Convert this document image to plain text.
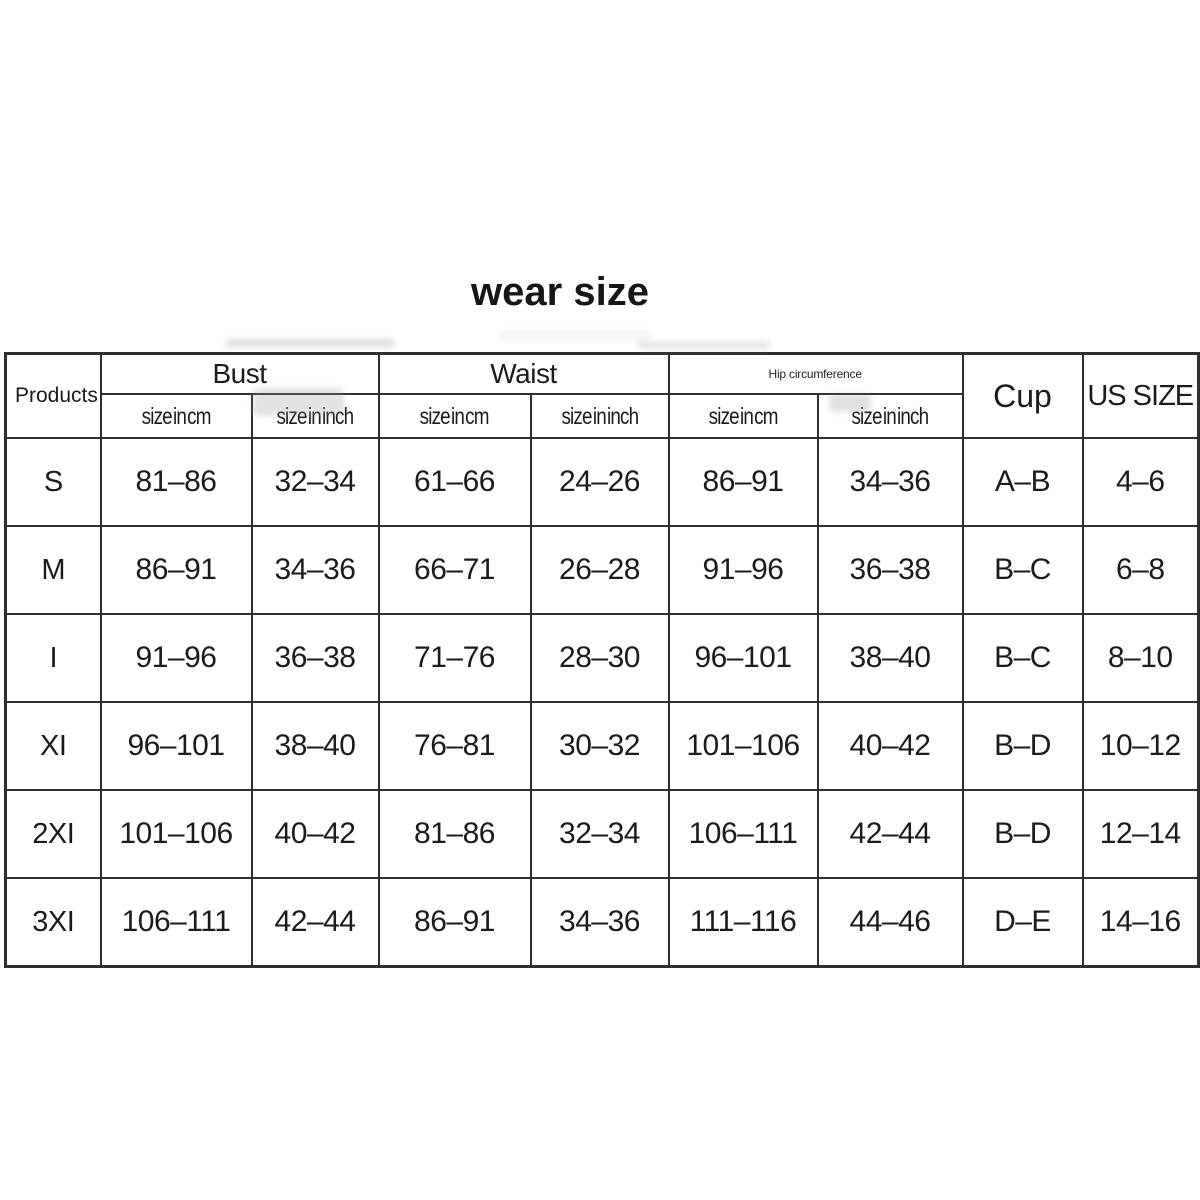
wear size
Products	Bust		Waist		Hip circumference		Cup	US SIZE
	size in cm	size in inch	size in cm	size in inch	size in cm	size in inch		
S	81–86	32–34	61–66	24–26	86–91	34–36	A–B	4–6
M	86–91	34–36	66–71	26–28	91–96	36–38	B–C	6–8
I	91–96	36–38	71–76	28–30	96–101	38–40	B–C	8–10
XI	96–101	38–40	76–81	30–32	101–106	40–42	B–D	10–12
2XI	101–106	40–42	81–86	32–34	106–111	42–44	B–D	12–14
3XI	106–111	42–44	86–91	34–36	111–116	44–46	D–E	14–16
